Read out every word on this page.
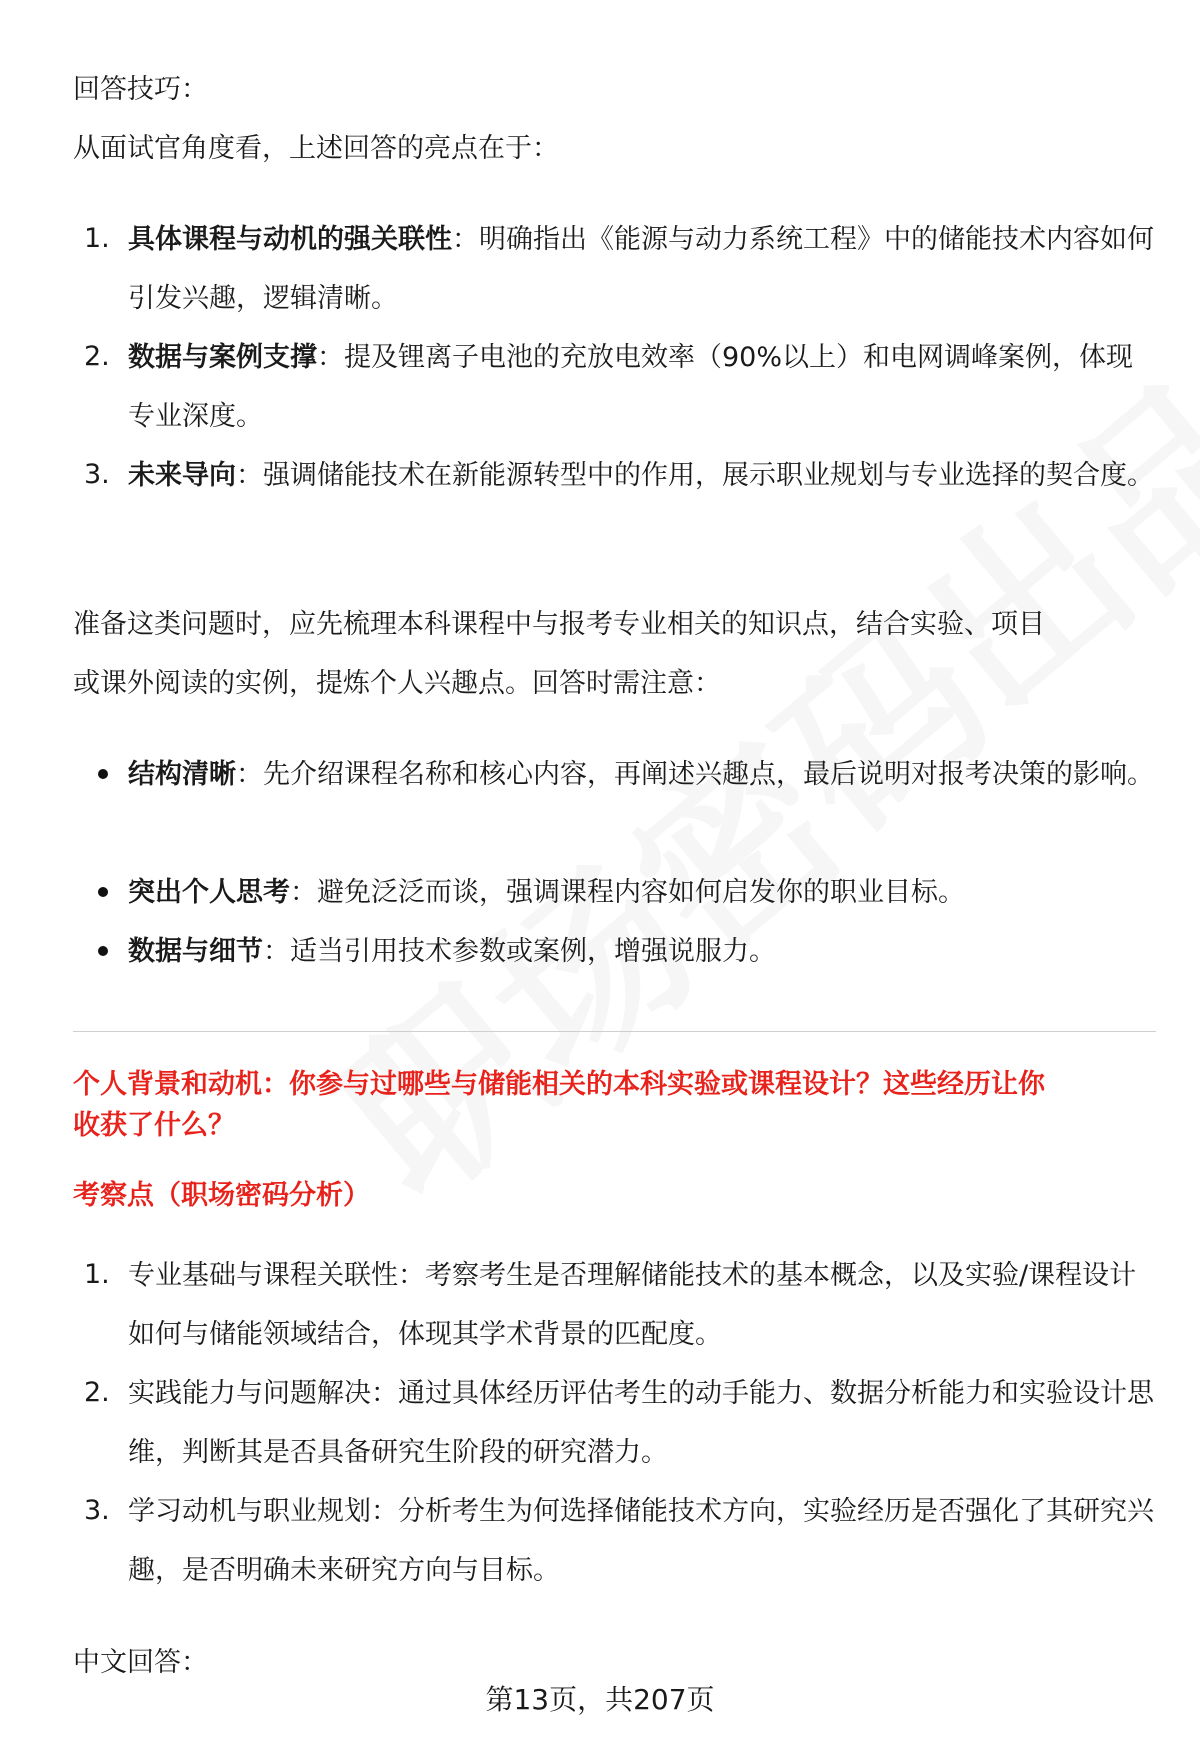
回答技巧：
从面试官角度看，上述回答的亮点在于：
1. 具体课程与动机的强关联性：明确指出《能源与动力系统工程》中的储能技术内容如何引发兴趣，逻辑清晰。
2. 数据与案例支撑：提及锂离子电池的充放电效率（90%以上）和电网调峰案例，体现专业深度。
3. 未来导向：强调储能技术在新能源转型中的作用，展示职业规划与专业选择的契合度。
准备这类问题时，应先梳理本科课程中与报考专业相关的知识点，结合实验、项目
或课外阅读的实例，提炼个人兴趣点。回答时需注意：
结构清晰：先介绍课程名称和核心内容，再阐述兴趣点，最后说明对报考决策的影响。
突出个人思考：避免泛泛而谈，强调课程内容如何启发你的职业目标。
数据与细节：适当引用技术参数或案例，增强说服力。
个人背景和动机：你参与过哪些与储能相关的本科实验或课程设计？这些经历让你
收获了什么？
考察点（职场密码分析）
1. 专业基础与课程关联性：考察考生是否理解储能技术的基本概念，以及实验/课程设计如何与储能领域结合，体现其学术背景的匹配度。
2. 实践能力与问题解决：通过具体经历评估考生的动手能力、数据分析能力和实验设计思维，判断其是否具备研究生阶段的研究潜力。
3. 学习动机与职业规划：分析考生为何选择储能技术方向，实验经历是否强化了其研究兴趣，是否明确未来研究方向与目标。
中文回答：
第13页，共207页
